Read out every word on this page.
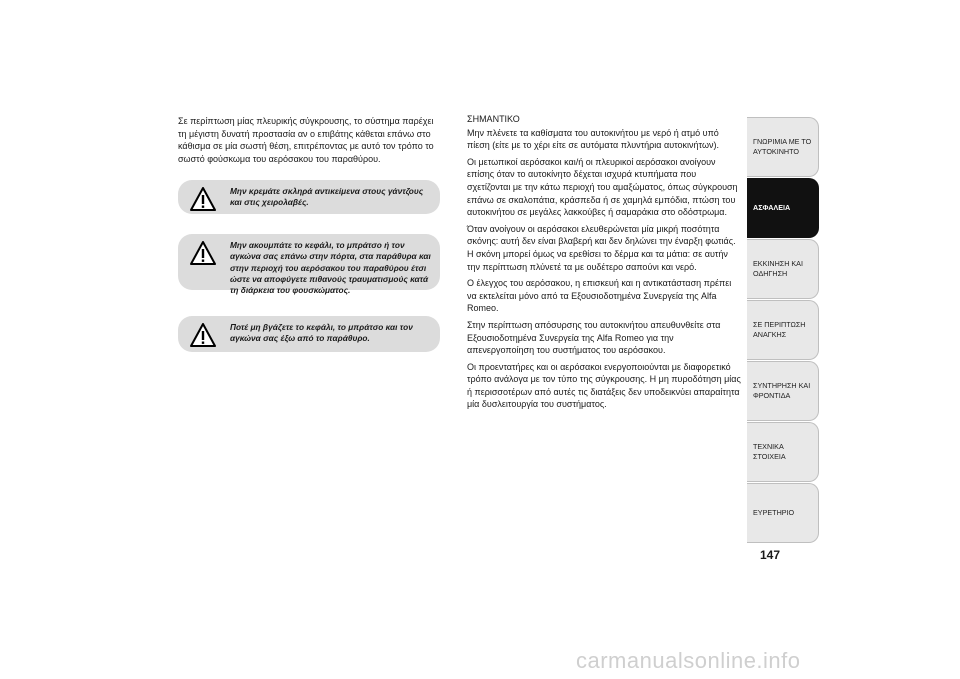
Σε περίπτωση μίας πλευρικής σύγκρουσης, το σύστημα παρέχει τη μέγιστη δυνατή προστασία αν ο επιβάτης κάθεται επάνω στο κάθισμα σε μία σωστή θέση, επιτρέποντας με αυτό τον τρόπο το σωστό φούσκωμα του αερόσακου του παραθύρου.

Μην κρεμάτε σκληρά αντικείμενα στους γάντζους και στις χειρολαβές.

Μην ακουμπάτε το κεφάλι, το μπράτσο ή τον αγκώνα σας επάνω στην πόρτα, στα παράθυρα και στην περιοχή του αερόσακου του παραθύρου έτσι ώστε να αποφύγετε πιθανούς τραυματισμούς κατά τη διάρκεια του φουσκώματος.

Ποτέ μη βγάζετε το κεφάλι, το μπράτσο και τον αγκώνα σας έξω από το παράθυρο.

ΣΗΜΑΝΤΙΚΟ

Μην πλένετε τα καθίσματα του αυτοκινήτου με νερό ή ατμό υπό πίεση (είτε με το χέρι είτε σε αυτόματα πλυντήρια αυτοκινήτων).

Οι μετωπικοί αερόσακοι και/ή οι πλευρικοί αερόσακοι ανοίγουν επίσης όταν το αυτοκίνητο δέχεται ισχυρά κτυπήματα που σχετίζονται με την κάτω περιοχή του αμαξώματος, όπως σύγκρουση επάνω σε σκαλοπάτια, κράσπεδα ή σε χαμηλά εμπόδια, πτώση του αυτοκινήτου σε μεγάλες λακκούβες ή σαμαράκια στο οδόστρωμα.

Όταν ανοίγουν οι αερόσακοι ελευθερώνεται μία μικρή ποσότητα σκόνης: αυτή δεν είναι βλαβερή και δεν δηλώνει την έναρξη φωτιάς. Η σκόνη μπορεί όμως να ερεθίσει το δέρμα και τα μάτια: σε αυτήν την περίπτωση πλύνετέ τα με ουδέτερο σαπούνι και νερό.

Ο έλεγχος του αερόσακου, η επισκευή και η αντικατάσταση πρέπει να εκτελείται μόνο από τα Εξουσιοδοτημένα Συνεργεία της Alfa Romeo.

Στην περίπτωση απόσυρσης του αυτοκινήτου απευθυνθείτε στα Εξουσιοδοτημένα Συνεργεία της Alfa Romeo για την απενεργοποίηση του συστήματος του αερόσακου.

Οι προεντατήρες και οι αερόσακοι ενεργοποιούνται με διαφορετικό τρόπο ανάλογα με τον τύπο της σύγκρουσης. Η μη πυροδότηση μίας ή περισσοτέρων από αυτές τις διατάξεις δεν υποδεικνύει απαραίτητα μία δυσλειτουργία του συστήματος.

ΓΝΩΡΙΜΙΑ ΜΕ ΤΟ ΑΥΤΟΚΙΝΗΤΟ
ΑΣΦΑΛΕΙΑ
ΕΚΚΙΝΗΣΗ ΚΑΙ ΟΔΗΓΗΣΗ
ΣΕ ΠΕΡΙΠΤΩΣΗ ΑΝΑΓΚΗΣ
ΣΥΝΤΗΡΗΣΗ ΚΑΙ ΦΡΟΝΤΙΔΑ
ΤΕΧΝΙΚΑ ΣΤΟΙΧΕΙΑ
ΕΥΡΕΤΗΡΙΟ
147
carmanualsonline.info
